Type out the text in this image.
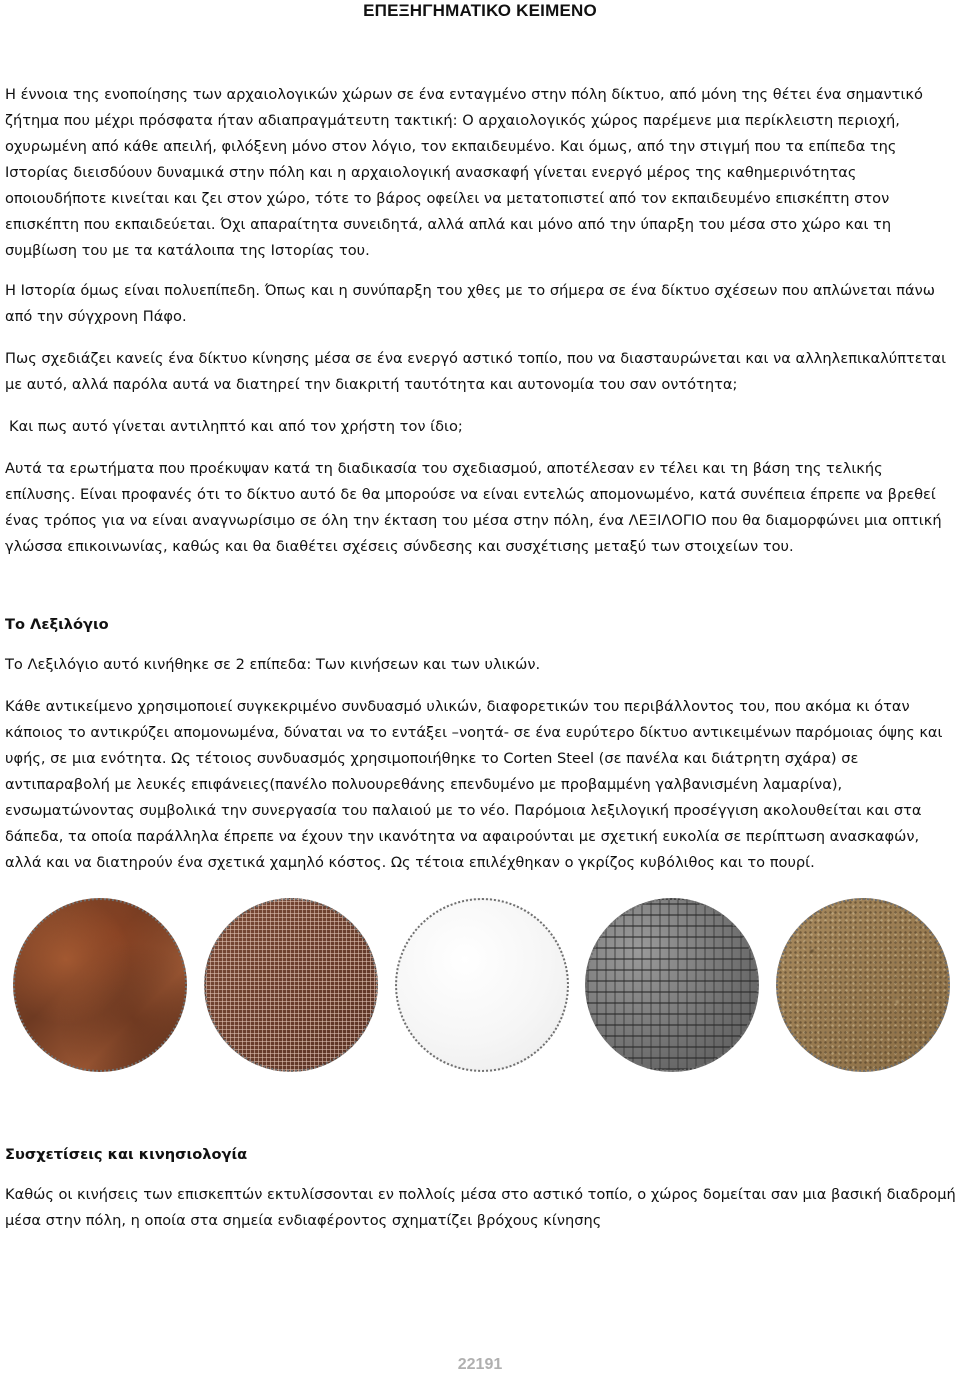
ΕΠΕΞΗΓΗΜΑΤΙΚΟ ΚΕΙΜΕΝΟ

Η έννοια της ενοποίησης των αρχαιολογικών χώρων σε ένα ενταγμένο στην πόλη δίκτυο, από μόνη της θέτει ένα σημαντικό ζήτημα που μέχρι πρόσφατα ήταν αδιαπραγμάτευτη τακτική: Ο αρχαιολογικός χώρος παρέμενε μια περίκλειστη περιοχή, οχυρωμένη από κάθε απειλή, φιλόξενη μόνο στον λόγιο, τον εκπαιδευμένο. Και όμως, από την στιγμή που τα επίπεδα της Ιστορίας διεισδύουν δυναμικά στην πόλη και η αρχαιολογική ανασκαφή γίνεται ενεργό μέρος της καθημερινότητας οποιουδήποτε κινείται και ζει στον χώρο, τότε το βάρος οφείλει να μετατοπιστεί από τον εκπαιδευμένο επισκέπτη στον επισκέπτη που εκπαιδεύεται. Όχι απαραίτητα συνειδητά, αλλά απλά και μόνο από την ύπαρξη του μέσα στο χώρο και τη συμβίωση του με τα κατάλοιπα της Ιστορίας του.

Η Ιστορία όμως είναι πολυεπίπεδη. Όπως και η συνύπαρξη του χθες με το σήμερα σε ένα δίκτυο σχέσεων που απλώνεται πάνω από την σύγχρονη Πάφο.

Πως σχεδιάζει κανείς ένα δίκτυο κίνησης μέσα σε ένα ενεργό αστικό τοπίο, που να διασταυρώνεται και να αλληλεπικαλύπτεται με αυτό, αλλά παρόλα αυτά να διατηρεί την διακριτή ταυτότητα και αυτονομία του σαν οντότητα;

Και πως αυτό γίνεται αντιληπτό και από τον χρήστη τον ίδιο;

Αυτά τα ερωτήματα που προέκυψαν κατά τη διαδικασία του σχεδιασμού, αποτέλεσαν εν τέλει και τη βάση της τελικής επίλυσης. Είναι προφανές ότι το δίκτυο αυτό δε θα μπορούσε να είναι εντελώς απομονωμένο, κατά συνέπεια έπρεπε να βρεθεί ένας τρόπος για να είναι αναγνωρίσιμο σε όλη την έκταση του μέσα στην πόλη, ένα ΛΕΞΙΛΟΓΙΟ που θα διαμορφώνει μια οπτική γλώσσα επικοινωνίας, καθώς και θα διαθέτει σχέσεις σύνδεσης και συσχέτισης μεταξύ των στοιχείων του.

Το Λεξιλόγιο

Το Λεξιλόγιο αυτό κινήθηκε σε 2 επίπεδα: Των κινήσεων και των υλικών.

Κάθε αντικείμενο χρησιμοποιεί συγκεκριμένο συνδυασμό υλικών, διαφορετικών του περιβάλλοντος του, που ακόμα κι όταν κάποιος το αντικρύζει απομονωμένα, δύναται να το εντάξει –νοητά- σε ένα ευρύτερο δίκτυο αντικειμένων παρόμοιας όψης και υφής, σε μια ενότητα. Ως τέτοιος συνδυασμός χρησιμοποιήθηκε το Corten Steel (σε πανέλα και διάτρητη σχάρα) σε αντιπαραβολή με λευκές επιφάνειες(πανέλο πολυουρεθάνης επενδυμένο με προβαμμένη γαλβανισμένη λαμαρίνα), ενσωματώνοντας συμβολικά την συνεργασία του παλαιού με το νέο. Παρόμοια λεξιλογική προσέγγιση ακολουθείται και στα δάπεδα, τα οποία παράλληλα έπρεπε να έχουν την ικανότητα να αφαιρούνται με σχετική ευκολία σε περίπτωση ανασκαφών, αλλά και να διατηρούν ένα σχετικά χαμηλό κόστος. Ως τέτοια επιλέχθηκαν ο γκρίζος κυβόλιθος και το πουρί.

Συσχετίσεις και κινησιολογία

Καθώς οι κινήσεις των επισκεπτών εκτυλίσσονται εν πολλοίς μέσα στο αστικό τοπίο, ο χώρος δομείται σαν μια βασική διαδρομή μέσα στην πόλη, η οποία στα σημεία ενδιαφέροντος σχηματίζει βρόχους κίνησης

22191
